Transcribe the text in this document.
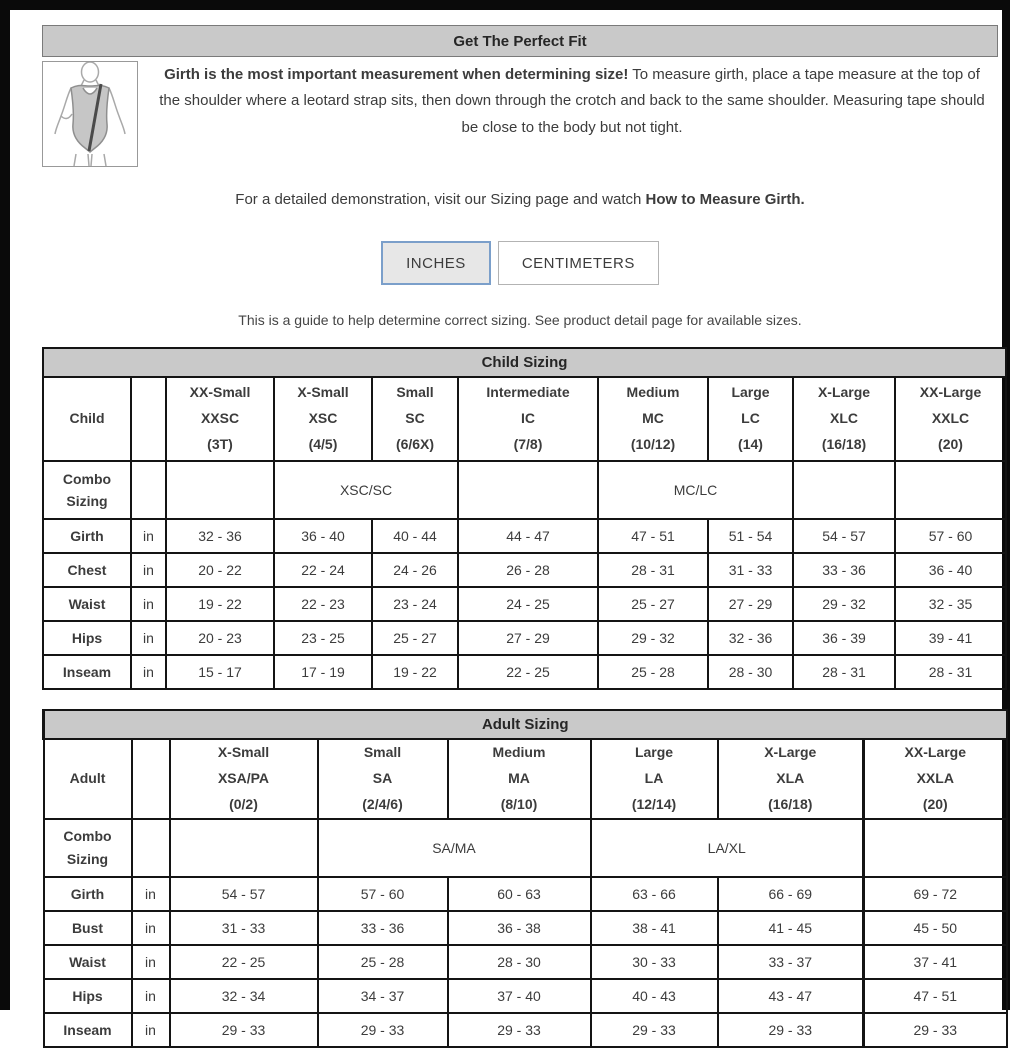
Get The Perfect Fit
Girth is the most important measurement when determining size! To measure girth, place a tape measure at the top of the shoulder where a leotard strap sits, then down through the crotch and back to the same shoulder. Measuring tape should be close to the body but not tight.
For a detailed demonstration, visit our Sizing page and watch How to Measure Girth.
INCHES	CENTIMETERS
This is a guide to help determine correct sizing. See product detail page for available sizes.
Child Sizing									
Child		XX-Small
XXSC
(3T)	X-Small
XSC
(4/5)	Small
SC
(6/6X)	Intermediate
IC
(7/8)	Medium
MC
(10/12)	Large
LC
(14)	X-Large
XLC
(16/18)	XX-Large
XXLC
(20)
Combo
Sizing			XSC/SC			MC/LC			
Girth	in	32 - 36	36 - 40	40 - 44	44 - 47	47 - 51	51 - 54	54 - 57	57 - 60
Chest	in	20 - 22	22 - 24	24 - 26	26 - 28	28 - 31	31 - 33	33 - 36	36 - 40
Waist	in	19 - 22	22 - 23	23 - 24	24 - 25	25 - 27	27 - 29	29 - 32	32 - 35
Hips	in	20 - 23	23 - 25	25 - 27	27 - 29	29 - 32	32 - 36	36 - 39	39 - 41
Inseam	in	15 - 17	17 - 19	19 - 22	22 - 25	25 - 28	28 - 30	28 - 31	28 - 31
Adult Sizing							
Adult		X-Small
XSA/PA
(0/2)	Small
SA
(2/4/6)	Medium
MA
(8/10)	Large
LA
(12/14)	X-Large
XLA
(16/18)	XX-Large
XXLA
(20)
Combo
Sizing			SA/MA		LA/XL		
Girth	in	54 - 57	57 - 60	60 - 63	63 - 66	66 - 69	69 - 72
Bust	in	31 - 33	33 - 36	36 - 38	38 - 41	41 - 45	45 - 50
Waist	in	22 - 25	25 - 28	28 - 30	30 - 33	33 - 37	37 - 41
Hips	in	32 - 34	34 - 37	37 - 40	40 - 43	43 - 47	47 - 51
Inseam	in	29 - 33	29 - 33	29 - 33	29 - 33	29 - 33	29 - 33
